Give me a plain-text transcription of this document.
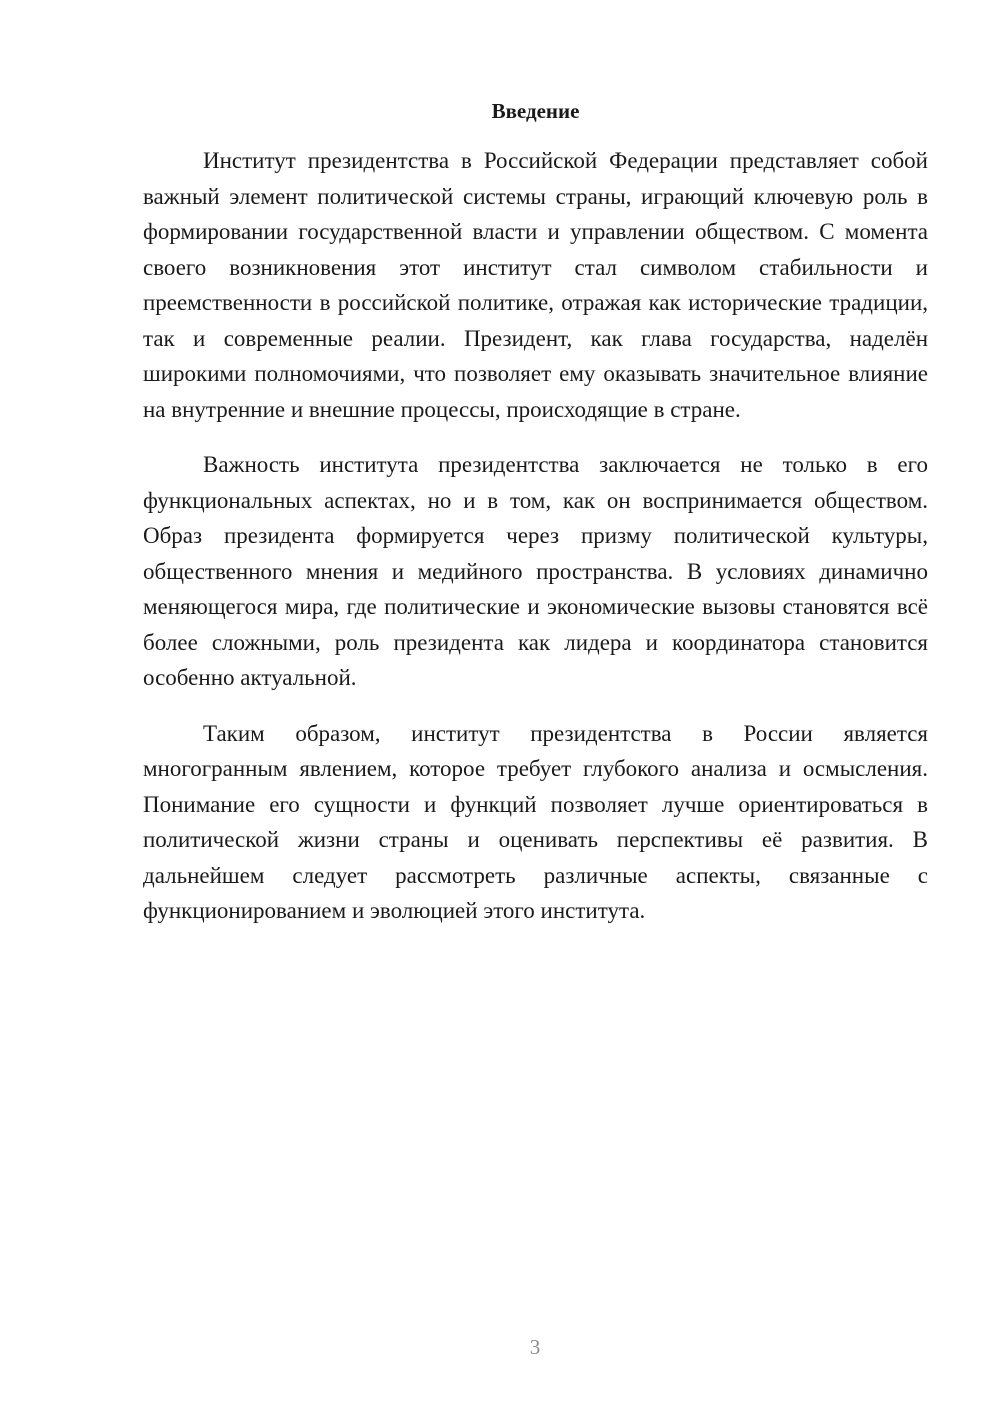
Введение

Институт президентства в Российской Федерации представляет собой важный элемент политической системы страны, играющий ключевую роль в формировании государственной власти и управлении обществом. С момента своего возникновения этот институт стал символом стабильности и преемственности в российской политике, отражая как исторические традиции, так и современные реалии. Президент, как глава государства, наделён широкими полномочиями, что позволяет ему оказывать значительное влияние на внутренние и внешние процессы, происходящие в стране.

Важность института президентства заключается не только в его функциональных аспектах, но и в том, как он воспринимается обществом. Образ президента формируется через призму политической культуры, общественного мнения и медийного пространства. В условиях динамично меняющегося мира, где политические и экономические вызовы становятся всё более сложными, роль президента как лидера и координатора становится особенно актуальной.

Таким образом, институт президентства в России является многогранным явлением, которое требует глубокого анализа и осмысления. Понимание его сущности и функций позволяет лучше ориентироваться в политической жизни страны и оценивать перспективы её развития. В дальнейшем следует рассмотреть различные аспекты, связанные с функционированием и эволюцией этого института.

3
